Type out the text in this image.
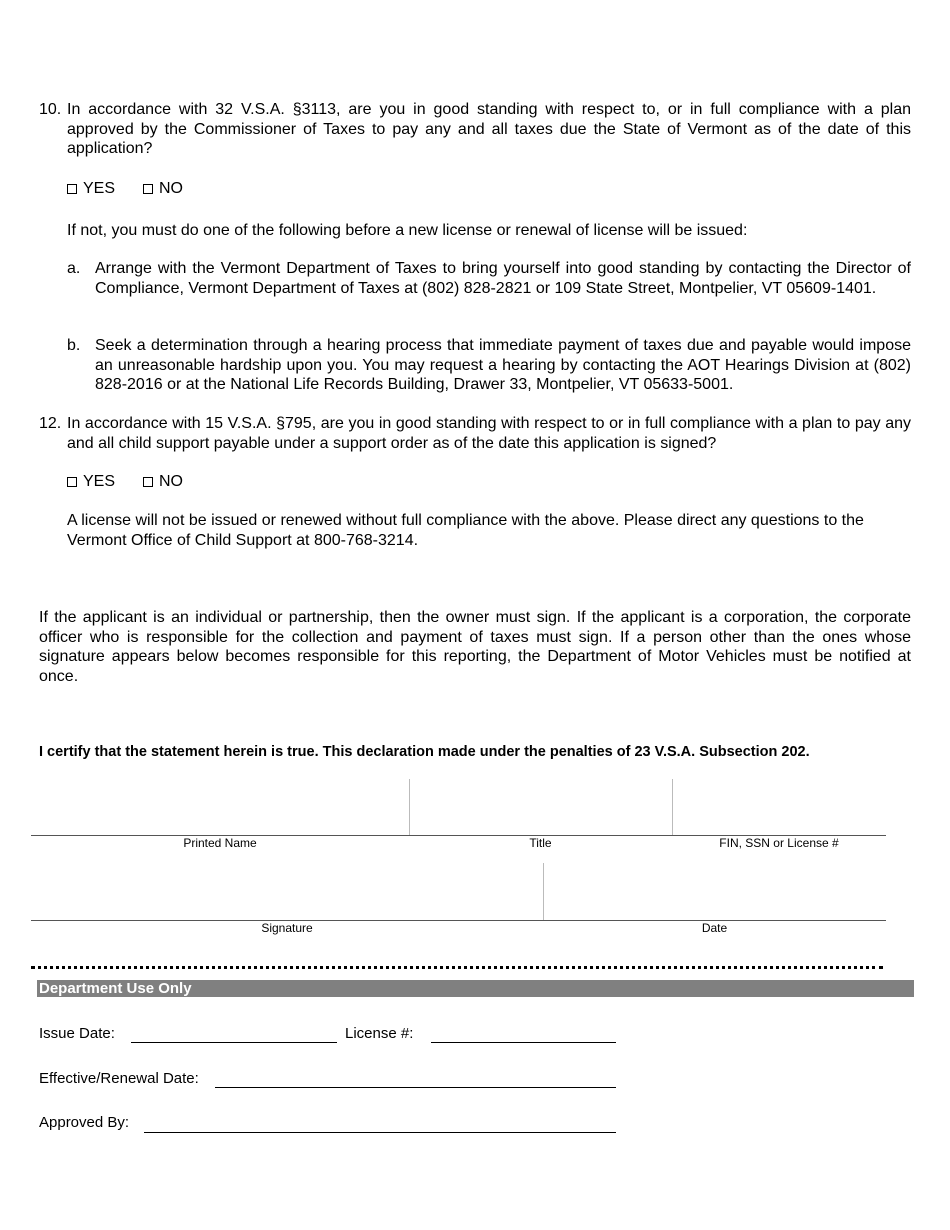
10. In accordance with 32 V.S.A. §3113, are you in good standing with respect to, or in full compliance with a plan approved by the Commissioner of Taxes to pay any and all taxes due the State of Vermont as of the date of this application?
YES	NO
If not, you must do one of the following before a new license or renewal of license will be issued:
a. Arrange with the Vermont Department of Taxes to bring yourself into good standing by contacting the Director of Compliance, Vermont Department of Taxes at (802) 828-2821 or 109 State Street, Montpelier, VT 05609-1401.
b. Seek a determination through a hearing process that immediate payment of taxes due and payable would impose an unreasonable hardship upon you. You may request a hearing by contacting the AOT Hearings Division at (802) 828-2016 or at the National Life Records Building, Drawer 33, Montpelier, VT 05633-5001.
12. In accordance with 15 V.S.A. §795, are you in good standing with respect to or in full compliance with a plan to pay any and all child support payable under a support order as of the date this application is signed?
YES	NO
A license will not be issued or renewed without full compliance with the above. Please direct any questions to the Vermont Office of Child Support at 800-768-3214.
If the applicant is an individual or partnership, then the owner must sign. If the applicant is a corporation, the corporate officer who is responsible for the collection and payment of taxes must sign. If a person other than the ones whose signature appears below becomes responsible for this reporting, the Department of Motor Vehicles must be notified at once.
I certify that the statement herein is true. This declaration made under the penalties of 23 V.S.A. Subsection 202.
Printed Name	Title	FIN, SSN or License #
Signature	Date
Department Use Only
Issue Date:	License #:
Effective/Renewal Date:
Approved By:
